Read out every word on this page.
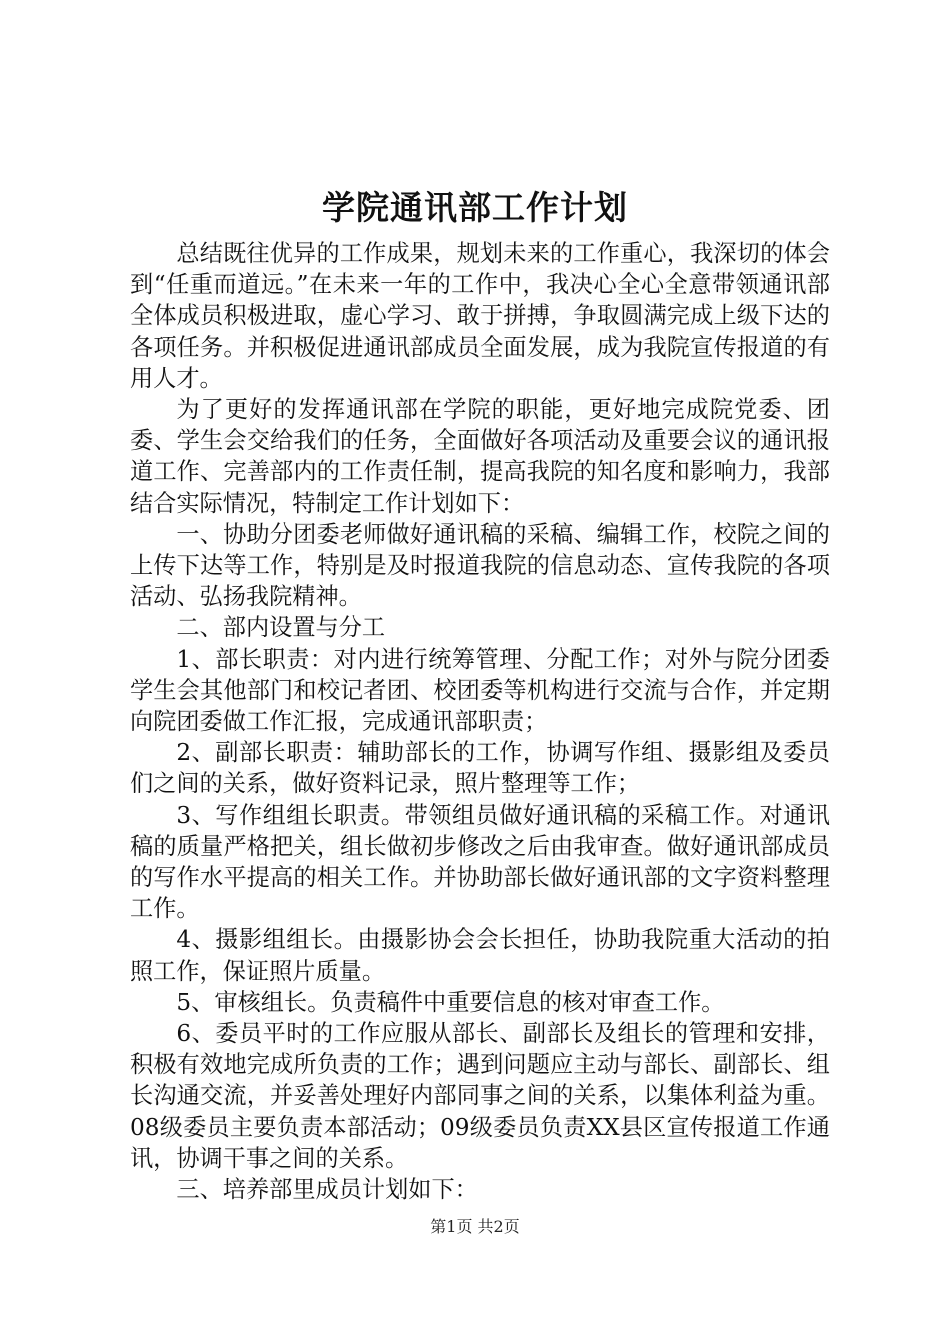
学院通讯部工作计划

总结既往优异的工作成果，规划未来的工作重心，我深切的体会到“任重而道远。”在未来一年的工作中，我决心全心全意带领通讯部全体成员积极进取，虚心学习、敢于拼搏，争取圆满完成上级下达的各项任务。并积极促进通讯部成员全面发展，成为我院宣传报道的有用人才。

为了更好的发挥通讯部在学院的职能，更好地完成院党委、团委、学生会交给我们的任务，全面做好各项活动及重要会议的通讯报道工作、完善部内的工作责任制，提高我院的知名度和影响力，我部结合实际情况，特制定工作计划如下：

一、协助分团委老师做好通讯稿的采稿、编辑工作，校院之间的上传下达等工作，特别是及时报道我院的信息动态、宣传我院的各项活动、弘扬我院精神。

二、部内设置与分工

1、部长职责：对内进行统筹管理、分配工作；对外与院分团委学生会其他部门和校记者团、校团委等机构进行交流与合作，并定期向院团委做工作汇报，完成通讯部职责；

2、副部长职责：辅助部长的工作，协调写作组、摄影组及委员们之间的关系，做好资料记录，照片整理等工作；

3、写作组组长职责。带领组员做好通讯稿的采稿工作。对通讯稿的质量严格把关，组长做初步修改之后由我审查。做好通讯部成员的写作水平提高的相关工作。并协助部长做好通讯部的文字资料整理工作。

4、摄影组组长。由摄影协会会长担任，协助我院重大活动的拍照工作，保证照片质量。

5、审核组长。负责稿件中重要信息的核对审查工作。

6、委员平时的工作应服从部长、副部长及组长的管理和安排，积极有效地完成所负责的工作；遇到问题应主动与部长、副部长、组长沟通交流，并妥善处理好内部同事之间的关系，以集体利益为重。08级委员主要负责本部活动；09级委员负责XX县区宣传报道工作通讯，协调干事之间的关系。

三、培养部里成员计划如下：

第1页 共2页
